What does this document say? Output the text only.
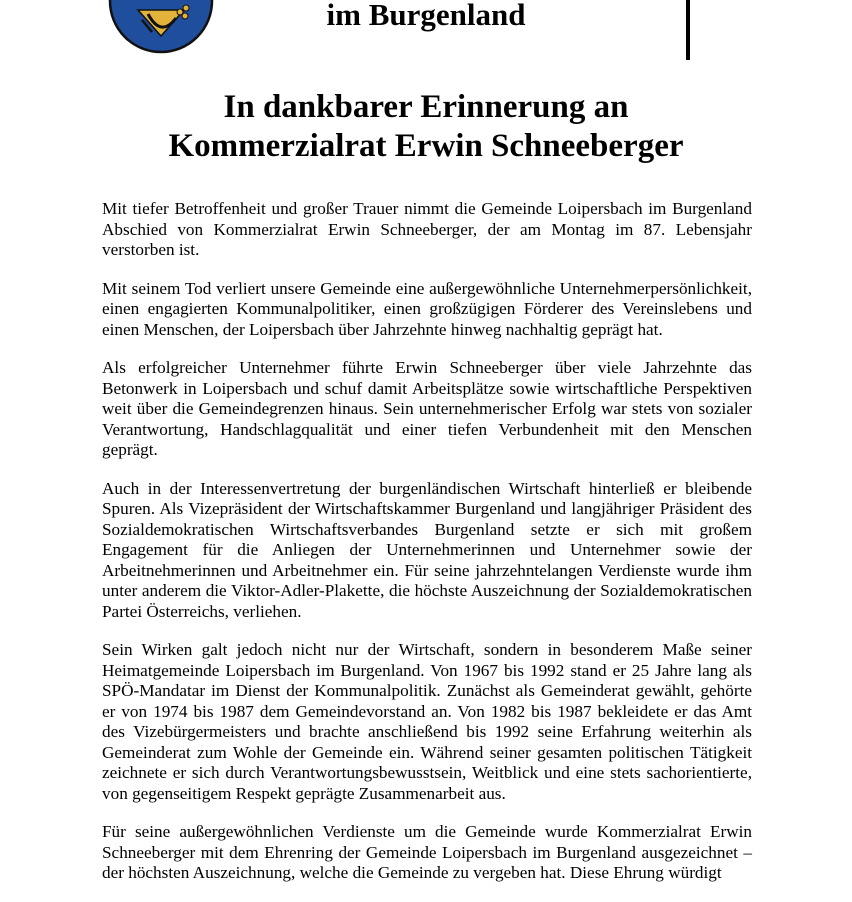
im Burgenland
In dankbarer Erinnerung an
Kommerzialrat Erwin Schneeberger

Mit tiefer Betroffenheit und großer Trauer nimmt die Gemeinde Loipersbach im Burgenland Abschied von Kommerzialrat Erwin Schneeberger, der am Montag im 87. Lebensjahr verstorben ist.

Mit seinem Tod verliert unsere Gemeinde eine außergewöhnliche Unternehmerpersönlichkeit, einen engagierten Kommunalpolitiker, einen großzügigen Förderer des Vereinslebens und einen Menschen, der Loipersbach über Jahrzehnte hinweg nachhaltig geprägt hat.

Als erfolgreicher Unternehmer führte Erwin Schneeberger über viele Jahrzehnte das Betonwerk in Loipersbach und schuf damit Arbeitsplätze sowie wirtschaftliche Perspektiven weit über die Gemeindegrenzen hinaus. Sein unternehmerischer Erfolg war stets von sozialer Verantwortung, Handschlagqualität und einer tiefen Verbundenheit mit den Menschen geprägt.

Auch in der Interessenvertretung der burgenländischen Wirtschaft hinterließ er bleibende Spuren. Als Vizepräsident der Wirtschaftskammer Burgenland und langjähriger Präsident des Sozialdemokratischen Wirtschaftsverbandes Burgenland setzte er sich mit großem Engagement für die Anliegen der Unternehmerinnen und Unternehmer sowie der Arbeitnehmerinnen und Arbeitnehmer ein. Für seine jahrzehntelangen Verdienste wurde ihm unter anderem die Viktor-Adler-Plakette, die höchste Auszeichnung der Sozialdemokratischen Partei Österreichs, verliehen.

Sein Wirken galt jedoch nicht nur der Wirtschaft, sondern in besonderem Maße seiner Heimatgemeinde Loipersbach im Burgenland. Von 1967 bis 1992 stand er 25 Jahre lang als SPÖ-Mandatar im Dienst der Kommunalpolitik. Zunächst als Gemeinderat gewählt, gehörte er von 1974 bis 1987 dem Gemeindevorstand an. Von 1982 bis 1987 bekleidete er das Amt des Vizebürgermeisters und brachte anschließend bis 1992 seine Erfahrung weiterhin als Gemeinderat zum Wohle der Gemeinde ein. Während seiner gesamten politischen Tätigkeit zeichnete er sich durch Verantwortungsbewusstsein, Weitblick und eine stets sachorientierte, von gegenseitigem Respekt geprägte Zusammenarbeit aus.

Für seine außergewöhnlichen Verdienste um die Gemeinde wurde Kommerzialrat Erwin Schneeberger mit dem Ehrenring der Gemeinde Loipersbach im Burgenland ausgezeichnet – der höchsten Auszeichnung, welche die Gemeinde zu vergeben hat. Diese Ehrung würdigt
